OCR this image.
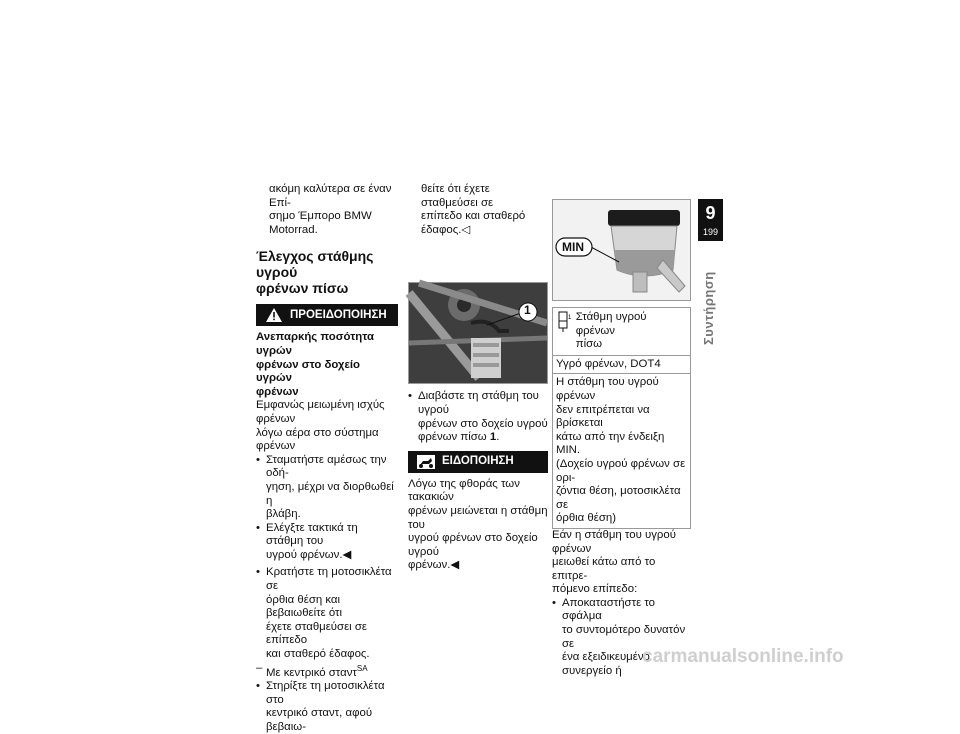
ακόμη καλύτερα σε έναν Επί-
σημο Έμπορο BMW Motorrad.

Έλεγχος στάθμης υγρού
φρένων πίσω
ΠΡΟΕΙΔΟΠΟΙΗΣΗ

Ανεπαρκής ποσότητα υγρών
φρένων στο δοχείο υγρών
φρένων

Εμφανώς μειωμένη ισχύς φρένων
λόγω αέρα στο σύστημα φρένων

• Σταματήστε αμέσως την οδή-
γηση, μέχρι να διορθωθεί η
βλάβη.
• Ελέγξτε τακτικά τη στάθμη του
υγρού φρένων.◀
• Κρατήστε τη μοτοσικλέτα σε
όρθια θέση και βεβαιωθείτε ότι
έχετε σταθμεύσει σε επίπεδο
και σταθερό έδαφος.
– Με κεντρικό σταντ$^{SA}$
• Στηρίξτε τη μοτοσικλέτα στο
κεντρικό σταντ, αφού βεβαιω-

θείτε ότι έχετε σταθμεύσει σε
επίπεδο και σταθερό έδαφος.◁

1
• Διαβάστε τη στάθμη του υγρού
φρένων στο δοχείο υγρού
φρένων πίσω 1.
ΕΙΔΟΠΟΙΗΣΗ

Λόγω της φθοράς των τακακιών
φρένων μειώνεται η στάθμη του
υγρού φρένων στο δοχείο υγρού
φρένων.◀

MIN
1 Στάθμη υγρού φρένων
πίσω
Υγρό φρένων, DOT4
Η στάθμη του υγρού φρένων
δεν επιτρέπεται να βρίσκεται
κάτω από την ένδειξη MIN.
(Δοχείο υγρού φρένων σε ορι-
ζόντια θέση, μοτοσικλέτα σε
όρθια θέση)

Εάν η στάθμη του υγρού φρένων
μειωθεί κάτω από το επιτρε-
πόμενο επίπεδο:

• Αποκαταστήστε το σφάλμα
το συντομότερο δυνατόν σε
ένα εξειδικευμένο συνεργείο ή
9
199
Συντήρηση
carmanualsonline.info
